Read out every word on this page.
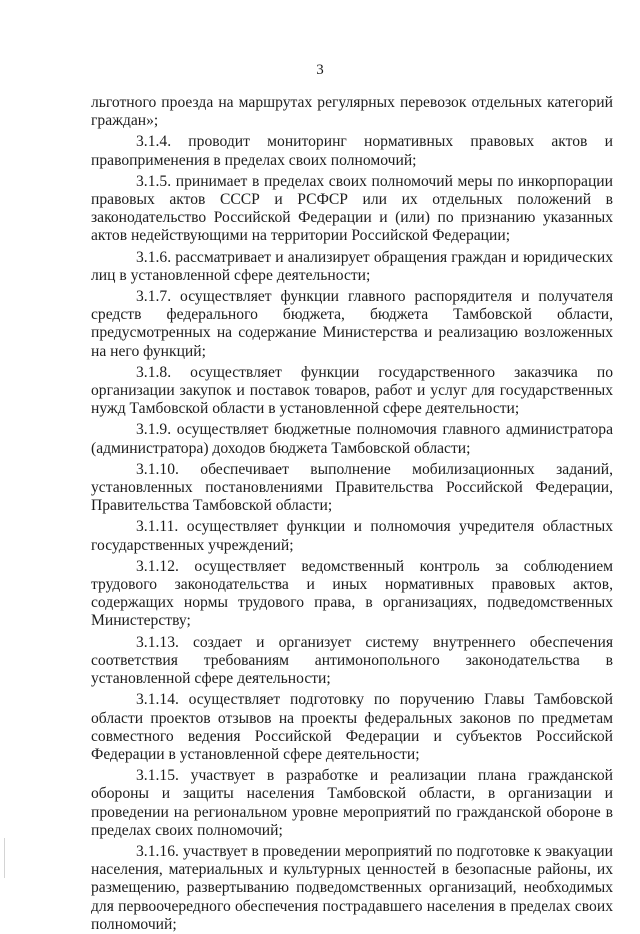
3

льготного проезда на маршрутах регулярных перевозок отдельных категорий граждан»;

3.1.4. проводит мониторинг нормативных правовых актов и правоприменения в пределах своих полномочий;

3.1.5. принимает в пределах своих полномочий меры по инкорпорации правовых актов СССР и РСФСР или их отдельных положений в законодательство Российской Федерации и (или) по признанию указанных актов недействующими на территории Российской Федерации;

3.1.6. рассматривает и анализирует обращения граждан и юридических лиц в установленной сфере деятельности;

3.1.7. осуществляет функции главного распорядителя и получателя средств федерального бюджета, бюджета Тамбовской области, предусмотренных на содержание Министерства и реализацию возложенных на него функций;

3.1.8. осуществляет функции государственного заказчика по организации закупок и поставок товаров, работ и услуг для государственных нужд Тамбовской области в установленной сфере деятельности;

3.1.9. осуществляет бюджетные полномочия главного администратора (администратора) доходов бюджета Тамбовской области;

3.1.10. обеспечивает выполнение мобилизационных заданий, установленных постановлениями Правительства Российской Федерации, Правительства Тамбовской области;

3.1.11. осуществляет функции и полномочия учредителя областных государственных учреждений;

3.1.12. осуществляет ведомственный контроль за соблюдением трудового законодательства и иных нормативных правовых актов, содержащих нормы трудового права, в организациях, подведомственных Министерству;

3.1.13. создает и организует систему внутреннего обеспечения соответствия требованиям антимонопольного законодательства в установленной сфере деятельности;

3.1.14. осуществляет подготовку по поручению Главы Тамбовской области проектов отзывов на проекты федеральных законов по предметам совместного ведения Российской Федерации и субъектов Российской Федерации в установленной сфере деятельности;

3.1.15. участвует в разработке и реализации плана гражданской обороны и защиты населения Тамбовской области, в организации и проведении на региональном уровне мероприятий по гражданской обороне в пределах своих полномочий;

3.1.16. участвует в проведении мероприятий по подготовке к эвакуации населения, материальных и культурных ценностей в безопасные районы, их размещению, развертыванию подведомственных организаций, необходимых для первоочередного обеспечения пострадавшего населения в пределах своих полномочий;
